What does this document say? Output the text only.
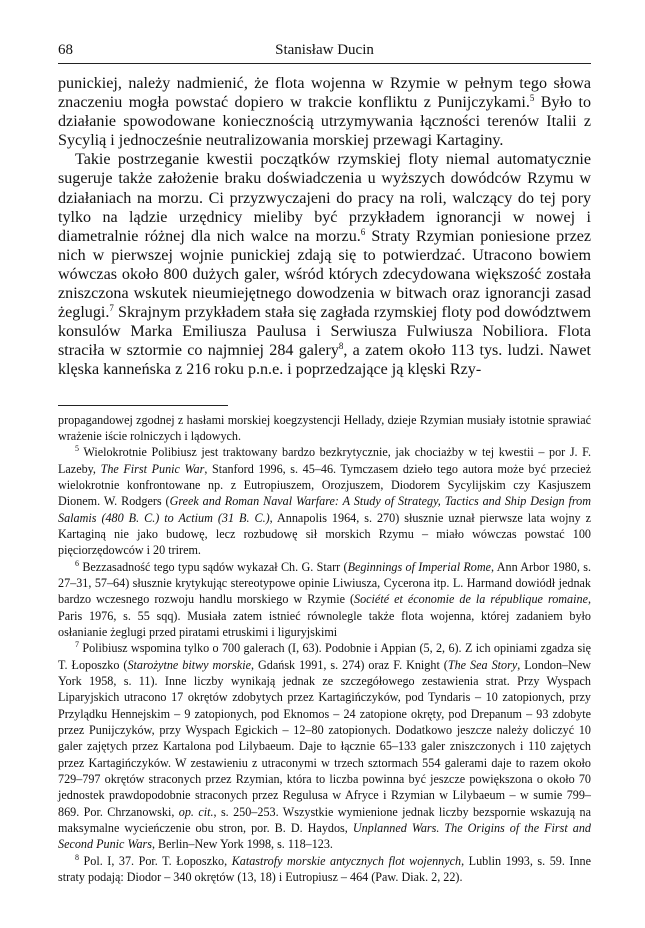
68	Stanisław Ducin

punickiej, należy nadmienić, że flota wojenna w Rzymie w pełnym tego słowa znaczeniu mogła powstać dopiero w trakcie konfliktu z Punijczykami.$^5$ Było to działanie spowodowane koniecznością utrzymywania łączności terenów Italii z Sycylią i jednocześnie neutralizowania morskiej przewagi Kartaginy.

Takie postrzeganie kwestii początków rzymskiej floty niemal automatycznie sugeruje także założenie braku doświadczenia u wyższych dowódców Rzymu w działaniach na morzu. Ci przyzwyczajeni do pracy na roli, walczący do tej pory tylko na lądzie urzędnicy mieliby być przykładem ignorancji w nowej i diametralnie różnej dla nich walce na morzu.$^6$ Straty Rzymian poniesione przez nich w pierwszej wojnie punickiej zdają się to potwierdzać. Utracono bowiem wówczas około 800 dużych galer, wśród których zdecydowana większość została zniszczona wskutek nieumiejętnego dowodzenia w bitwach oraz ignorancji zasad żeglugi.$^7$ Skrajnym przykładem stała się zagłada rzymskiej floty pod dowództwem konsulów Marka Emiliusza Paulusa i Serwiusza Fulwiusza Nobiliora. Flota straciła w sztormie co najmniej 284 galery$^8$, a zatem około 113 tys. ludzi. Nawet klęska kanneńska z 216 roku p.n.e. i poprzedzające ją klęski Rzy-

propagandowej zgodnej z hasłami morskiej koegzystencji Hellady, dzieje Rzymian musiały istotnie sprawiać wrażenie iście rolniczych i lądowych.

$^5$ Wielokrotnie Polibiusz jest traktowany bardzo bezkrytycznie, jak chociażby w tej kwestii – por J. F. Lazeby, The First Punic War, Stanford 1996, s. 45–46. Tymczasem dzieło tego autora może być przecież wielokrotnie konfrontowane np. z Eutropiuszem, Orozjuszem, Diodorem Sycylijskim czy Kasjuszem Dionem. W. Rodgers (Greek and Roman Naval Warfare: A Study of Strategy, Tactics and Ship Design from Salamis (480 B. C.) to Actium (31 B. C.), Annapolis 1964, s. 270) słusznie uznał pierwsze lata wojny z Kartaginą nie jako budowę, lecz rozbudowę sił morskich Rzymu – miało wówczas powstać 100 pięciorzędowców i 20 trirem.

$^6$ Bezzasadność tego typu sądów wykazał Ch. G. Starr (Beginnings of Imperial Rome, Ann Arbor 1980, s. 27–31, 57–64) słusznie krytykując stereotypowe opinie Liwiusza, Cycerona itp. L. Harmand dowiódł jednak bardzo wczesnego rozwoju handlu morskiego w Rzymie (Société et économie de la république romaine, Paris 1976, s. 55 sqq). Musiała zatem istnieć równolegle także flota wojenna, której zadaniem było osłanianie żeglugi przed piratami etruskimi i liguryjskimi

$^7$ Polibiusz wspomina tylko o 700 galerach (I, 63). Podobnie i Appian (5, 2, 6). Z ich opiniami zgadza się T. Łoposzko (Starożytne bitwy morskie, Gdańsk 1991, s. 274) oraz F. Knight (The Sea Story, London–New York 1958, s. 11). Inne liczby wynikają jednak ze szczegółowego zestawienia strat. Przy Wyspach Liparyjskich utracono 17 okrętów zdobytych przez Kartagińczyków, pod Tyndaris – 10 zatopionych, przy Przylądku Hennejskim – 9 zatopionych, pod Eknomos – 24 zatopione okręty, pod Drepanum – 93 zdobyte przez Punijczyków, przy Wyspach Egickich – 12–80 zatopionych. Dodatkowo jeszcze należy doliczyć 10 galer zajętych przez Kartalona pod Lilybaeum. Daje to łącznie 65–133 galer zniszczonych i 110 zajętych przez Kartagińczyków. W zestawieniu z utraconymi w trzech sztormach 554 galerami daje to razem około 729–797 okrętów straconych przez Rzymian, która to liczba powinna być jeszcze powiększona o około 70 jednostek prawdopodobnie straconych przez Regulusa w Afryce i Rzymian w Lilybaeum – w sumie 799–869. Por. Chrzanowski, op. cit., s. 250–253. Wszystkie wymienione jednak liczby bezspornie wskazują na maksymalne wycieńczenie obu stron, por. B. D. Haydos, Unplanned Wars. The Origins of the First and Second Punic Wars, Berlin–New York 1998, s. 118–123.

$^8$ Pol. I, 37. Por. T. Łoposzko, Katastrofy morskie antycznych flot wojennych, Lublin 1993, s. 59. Inne straty podają: Diodor – 340 okrętów (13, 18) i Eutropiusz – 464 (Paw. Diak. 2, 22).
